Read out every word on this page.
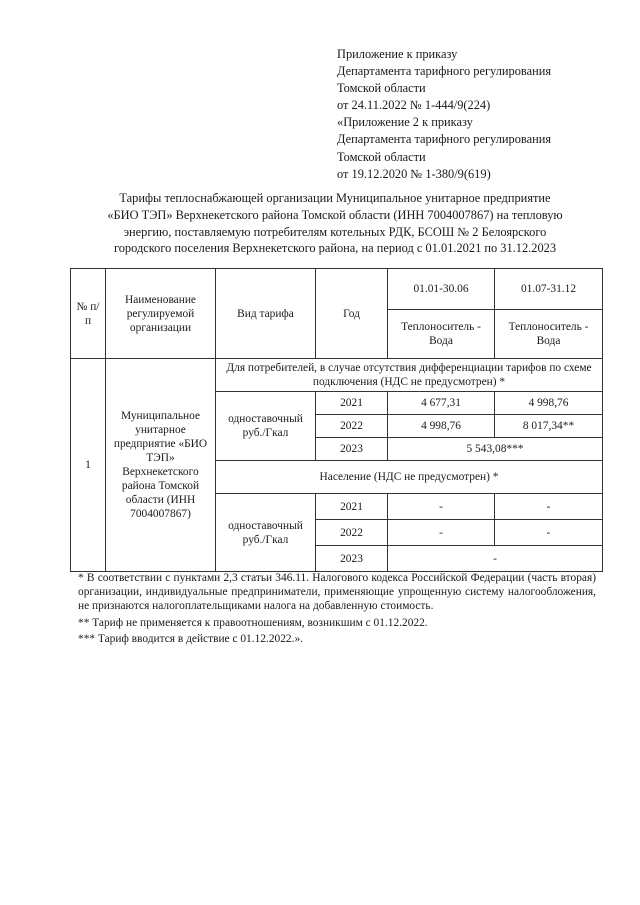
Приложение к приказу
Департамента тарифного регулирования
Томской области
от 24.11.2022 № 1-444/9(224)
«Приложение 2 к приказу
Департамента тарифного регулирования
Томской области
от 19.12.2020 № 1-380/9(619)
Тарифы теплоснабжающей организации Муниципальное унитарное предприятие
«БИО ТЭП» Верхнекетского района Томской области (ИНН 7004007867) на тепловую
энергию, поставляемую потребителям котельных РДК, БСОШ № 2 Белоярского
городского поселения Верхнекетского района, на период с 01.01.2021 по 31.12.2023
№ п/п	Наименование регулируемой организации	Вид тарифа	Год	01.01-30.06	01.07-31.12
				Теплоноситель - Вода	Теплоноситель - Вода
1	Муниципальное унитарное предприятие «БИО ТЭП» Верхнекетского района Томской области (ИНН 7004007867)	Для потребителей, в случае отсутствия дифференциации тарифов по схеме подключения (НДС не предусмотрен) *			
		одноставочный руб./Гкал	2021	4 677,31	4 998,76
			2022	4 998,76	8 017,34**
			2023	5 543,08***	
		Население (НДС не предусмотрен) *			
		одноставочный руб./Гкал	2021	-	-
			2022	-	-
			2023	-	
* В соответствии с пунктами 2,3 статьи 346.11. Налогового кодекса Российской Федерации (часть вторая) организации, индивидуальные предприниматели, применяющие упрощенную систему налогообложения, не признаются налогоплательщиками налога на добавленную стоимость.
** Тариф не применяется к правоотношениям, возникшим с 01.12.2022.
*** Тариф вводится в действие с 01.12.2022.».
